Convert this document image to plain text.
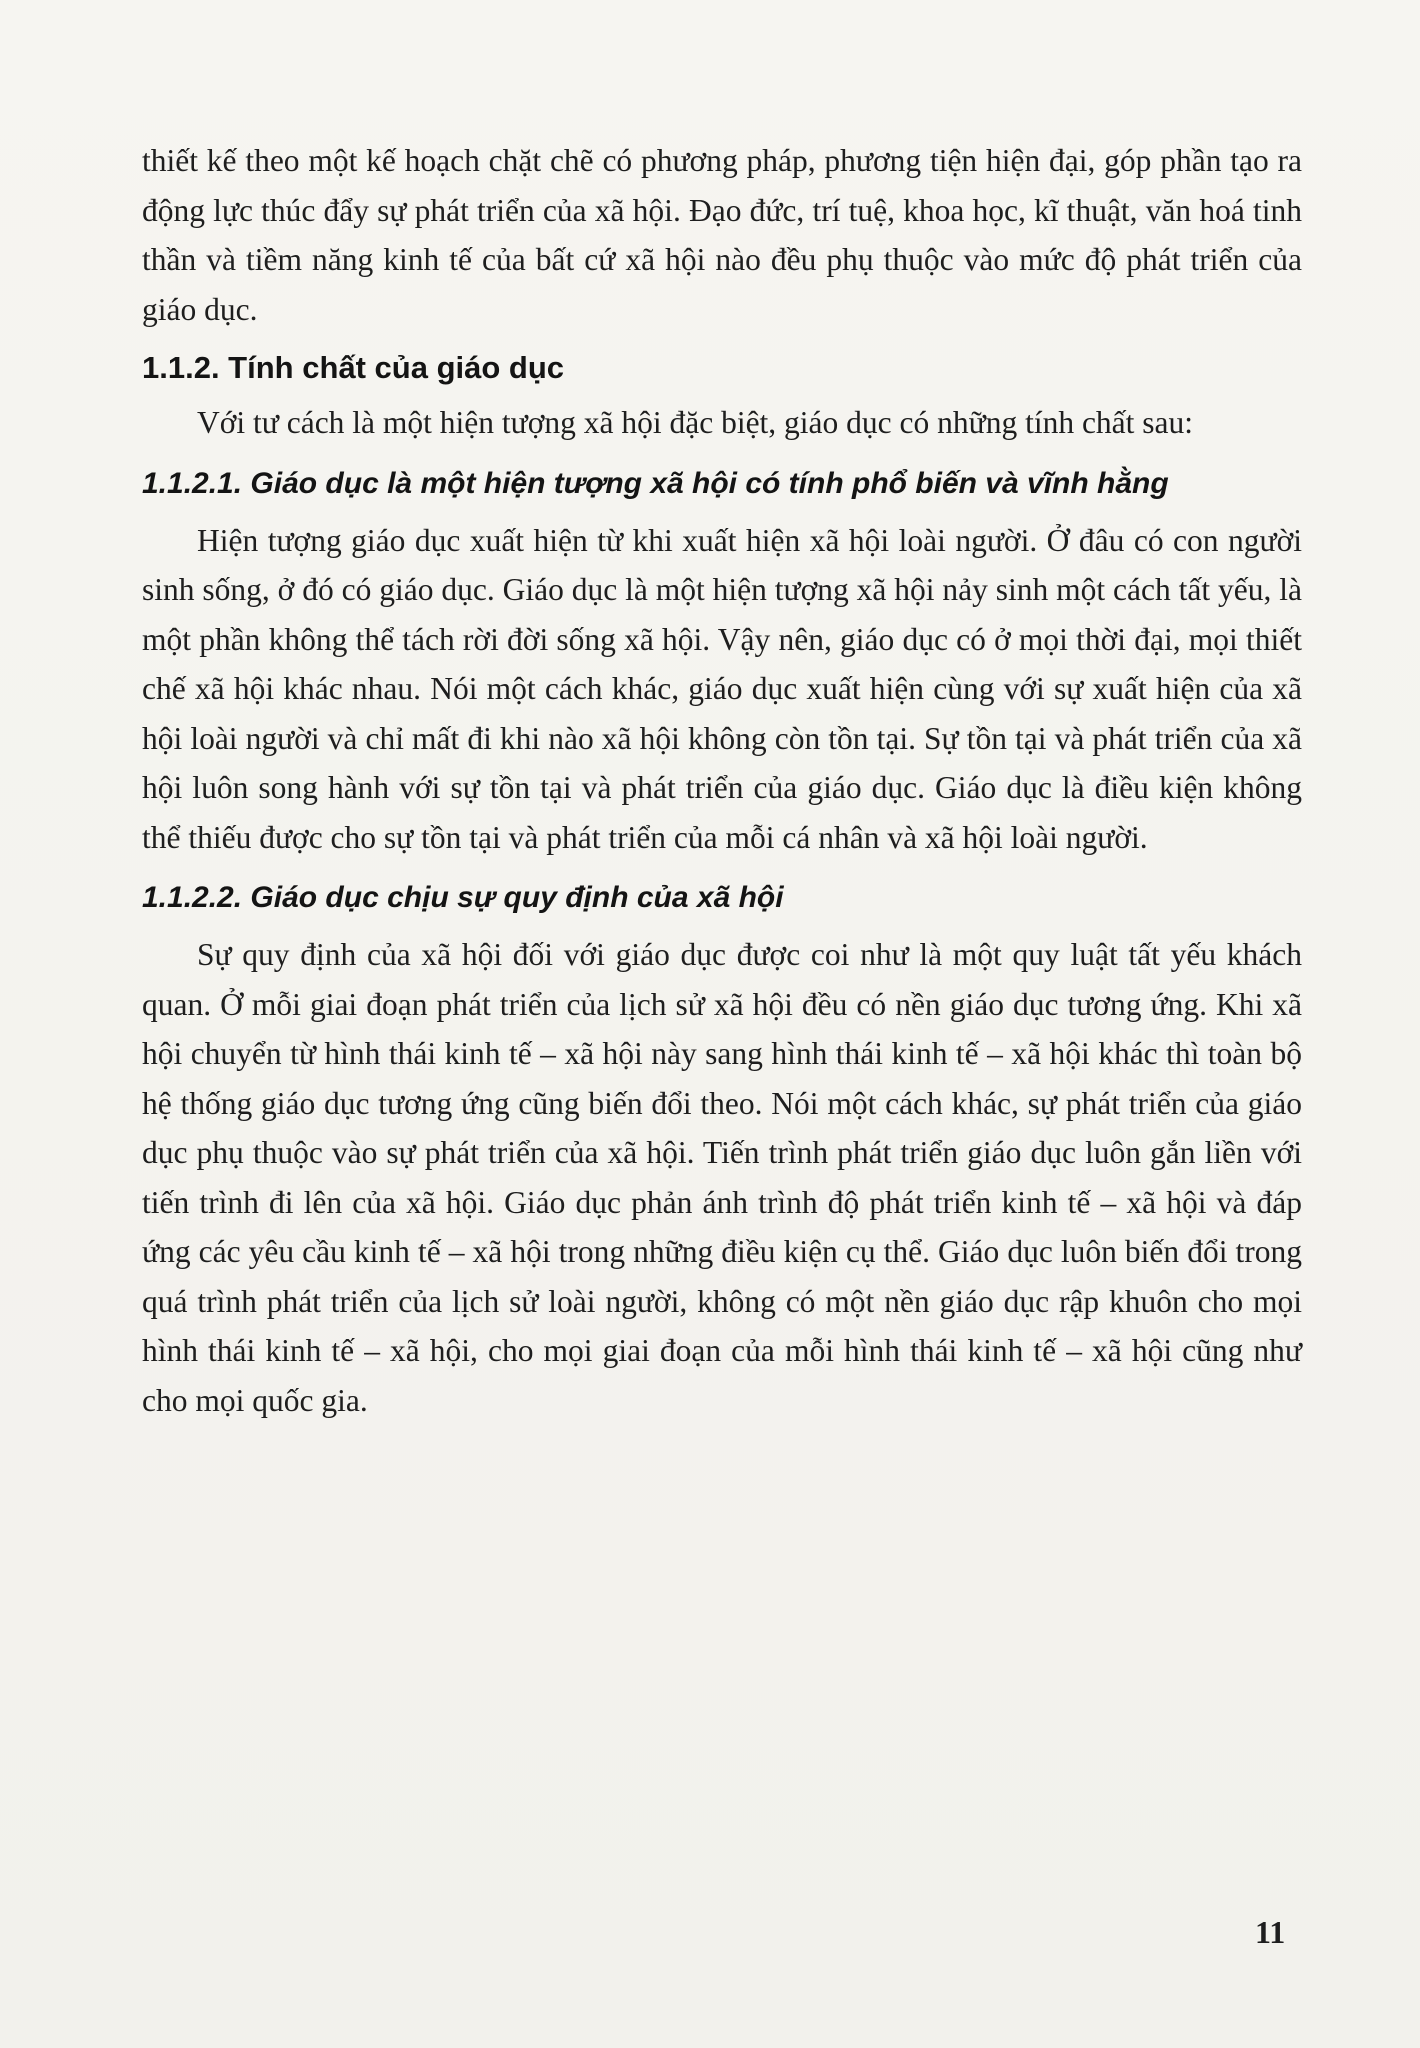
thiết kế theo một kế hoạch chặt chẽ có phương pháp, phương tiện hiện đại, góp phần tạo ra động lực thúc đẩy sự phát triển của xã hội. Đạo đức, trí tuệ, khoa học, kĩ thuật, văn hoá tinh thần và tiềm năng kinh tế của bất cứ xã hội nào đều phụ thuộc vào mức độ phát triển của giáo dục.

1.1.2. Tính chất của giáo dục

Với tư cách là một hiện tượng xã hội đặc biệt, giáo dục có những tính chất sau:

1.1.2.1. Giáo dục là một hiện tượng xã hội có tính phổ biến và vĩnh hằng

Hiện tượng giáo dục xuất hiện từ khi xuất hiện xã hội loài người. Ở đâu có con người sinh sống, ở đó có giáo dục. Giáo dục là một hiện tượng xã hội nảy sinh một cách tất yếu, là một phần không thể tách rời đời sống xã hội. Vậy nên, giáo dục có ở mọi thời đại, mọi thiết chế xã hội khác nhau. Nói một cách khác, giáo dục xuất hiện cùng với sự xuất hiện của xã hội loài người và chỉ mất đi khi nào xã hội không còn tồn tại. Sự tồn tại và phát triển của xã hội luôn song hành với sự tồn tại và phát triển của giáo dục. Giáo dục là điều kiện không thể thiếu được cho sự tồn tại và phát triển của mỗi cá nhân và xã hội loài người.

1.1.2.2. Giáo dục chịu sự quy định của xã hội

Sự quy định của xã hội đối với giáo dục được coi như là một quy luật tất yếu khách quan. Ở mỗi giai đoạn phát triển của lịch sử xã hội đều có nền giáo dục tương ứng. Khi xã hội chuyển từ hình thái kinh tế – xã hội này sang hình thái kinh tế – xã hội khác thì toàn bộ hệ thống giáo dục tương ứng cũng biến đổi theo. Nói một cách khác, sự phát triển của giáo dục phụ thuộc vào sự phát triển của xã hội. Tiến trình phát triển giáo dục luôn gắn liền với tiến trình đi lên của xã hội. Giáo dục phản ánh trình độ phát triển kinh tế – xã hội và đáp ứng các yêu cầu kinh tế – xã hội trong những điều kiện cụ thể. Giáo dục luôn biến đổi trong quá trình phát triển của lịch sử loài người, không có một nền giáo dục rập khuôn cho mọi hình thái kinh tế – xã hội, cho mọi giai đoạn của mỗi hình thái kinh tế – xã hội cũng như cho mọi quốc gia.

11
